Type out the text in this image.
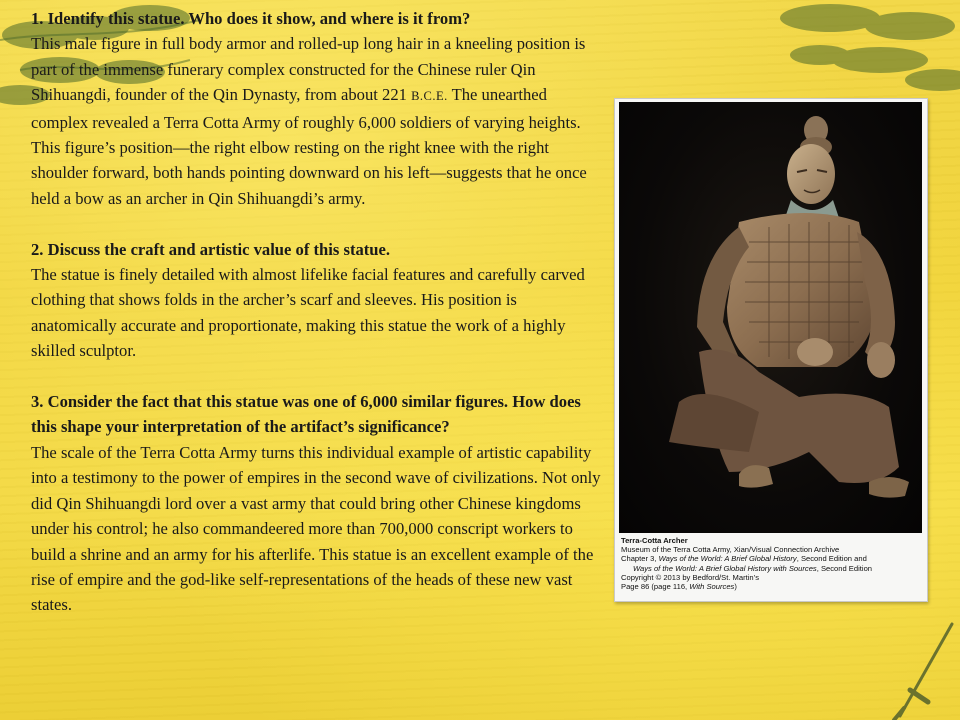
1. Identify this statue. Who does it show, and where is it from?

This male figure in full body armor and rolled-up long hair in a kneeling position is part of the immense funerary complex constructed for the Chinese ruler Qin Shihuangdi, founder of the Qin Dynasty, from about 221 B.C.E. The unearthed complex revealed a Terra Cotta Army of roughly 6,000 soldiers of varying heights. This figure’s position—the right elbow resting on the right knee with the right shoulder forward, both hands pointing downward on his left—suggests that he once held a bow as an archer in Qin Shihuangdi’s army.

2. Discuss the craft and artistic value of this statue.

The statue is finely detailed with almost lifelike facial features and carefully carved clothing that shows folds in the archer’s scarf and sleeves. His position is anatomically accurate and proportionate, making this statue the work of a highly skilled sculptor.

3. Consider the fact that this statue was one of 6,000 similar figures. How does this shape your interpretation of the artifact’s significance?

The scale of the Terra Cotta Army turns this individual example of artistic capability into a testimony to the power of empires in the second wave of civilizations. Not only did Qin Shihuangdi lord over a vast army that could bring other Chinese kingdoms under his control; he also commandeered more than 700,000 conscript workers to build a shrine and an army for his afterlife. This statue is an excellent example of the rise of empire and the god-like self-representations of the heads of these new vast states.

Terra-Cotta Archer
Museum of the Terra Cotta Army, Xian/Visual Connection Archive
Chapter 3, Ways of the World: A Brief Global History, Second Edition and
Ways of the World: A Brief Global History with Sources, Second Edition
Copyright © 2013 by Bedford/St. Martin’s
Page 86 (page 116, With Sources)
